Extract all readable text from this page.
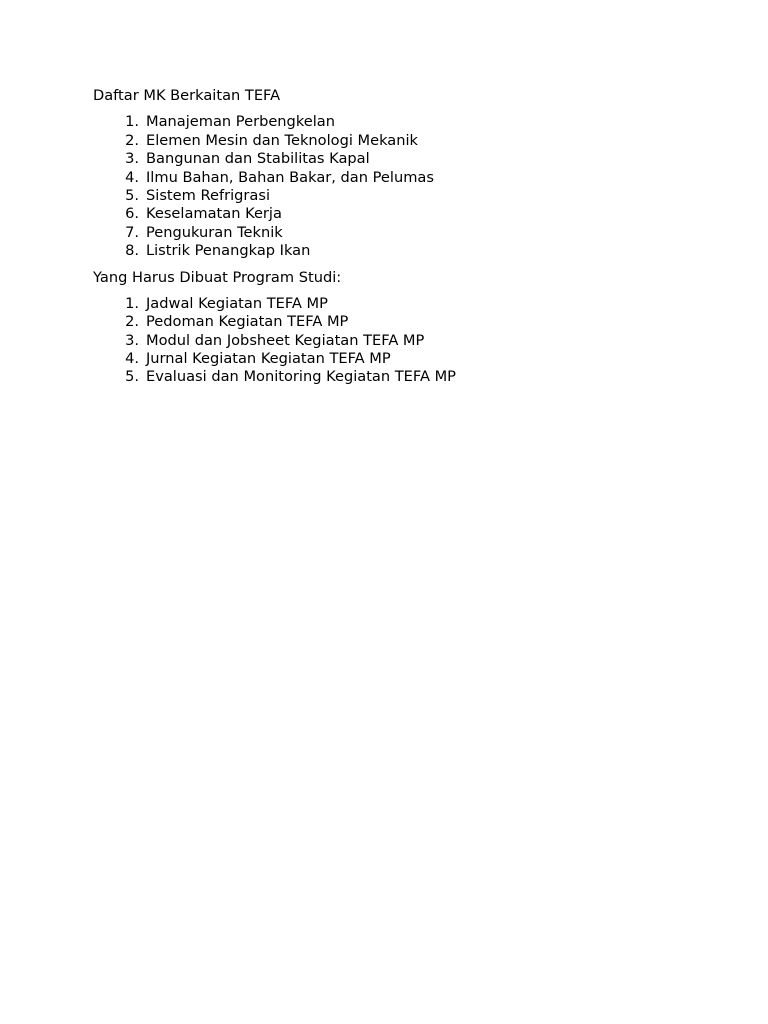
Daftar MK Berkaitan TEFA

1. Manajeman Perbengkelan
2. Elemen Mesin dan Teknologi Mekanik
3. Bangunan dan Stabilitas Kapal
4. Ilmu Bahan, Bahan Bakar, dan Pelumas
5. Sistem Refrigrasi
6. Keselamatan Kerja
7. Pengukuran Teknik
8. Listrik Penangkap Ikan

Yang Harus Dibuat Program Studi:

1. Jadwal Kegiatan TEFA MP
2. Pedoman Kegiatan TEFA MP
3. Modul dan Jobsheet Kegiatan TEFA MP
4. Jurnal Kegiatan Kegiatan TEFA MP
5. Evaluasi dan Monitoring Kegiatan TEFA MP
